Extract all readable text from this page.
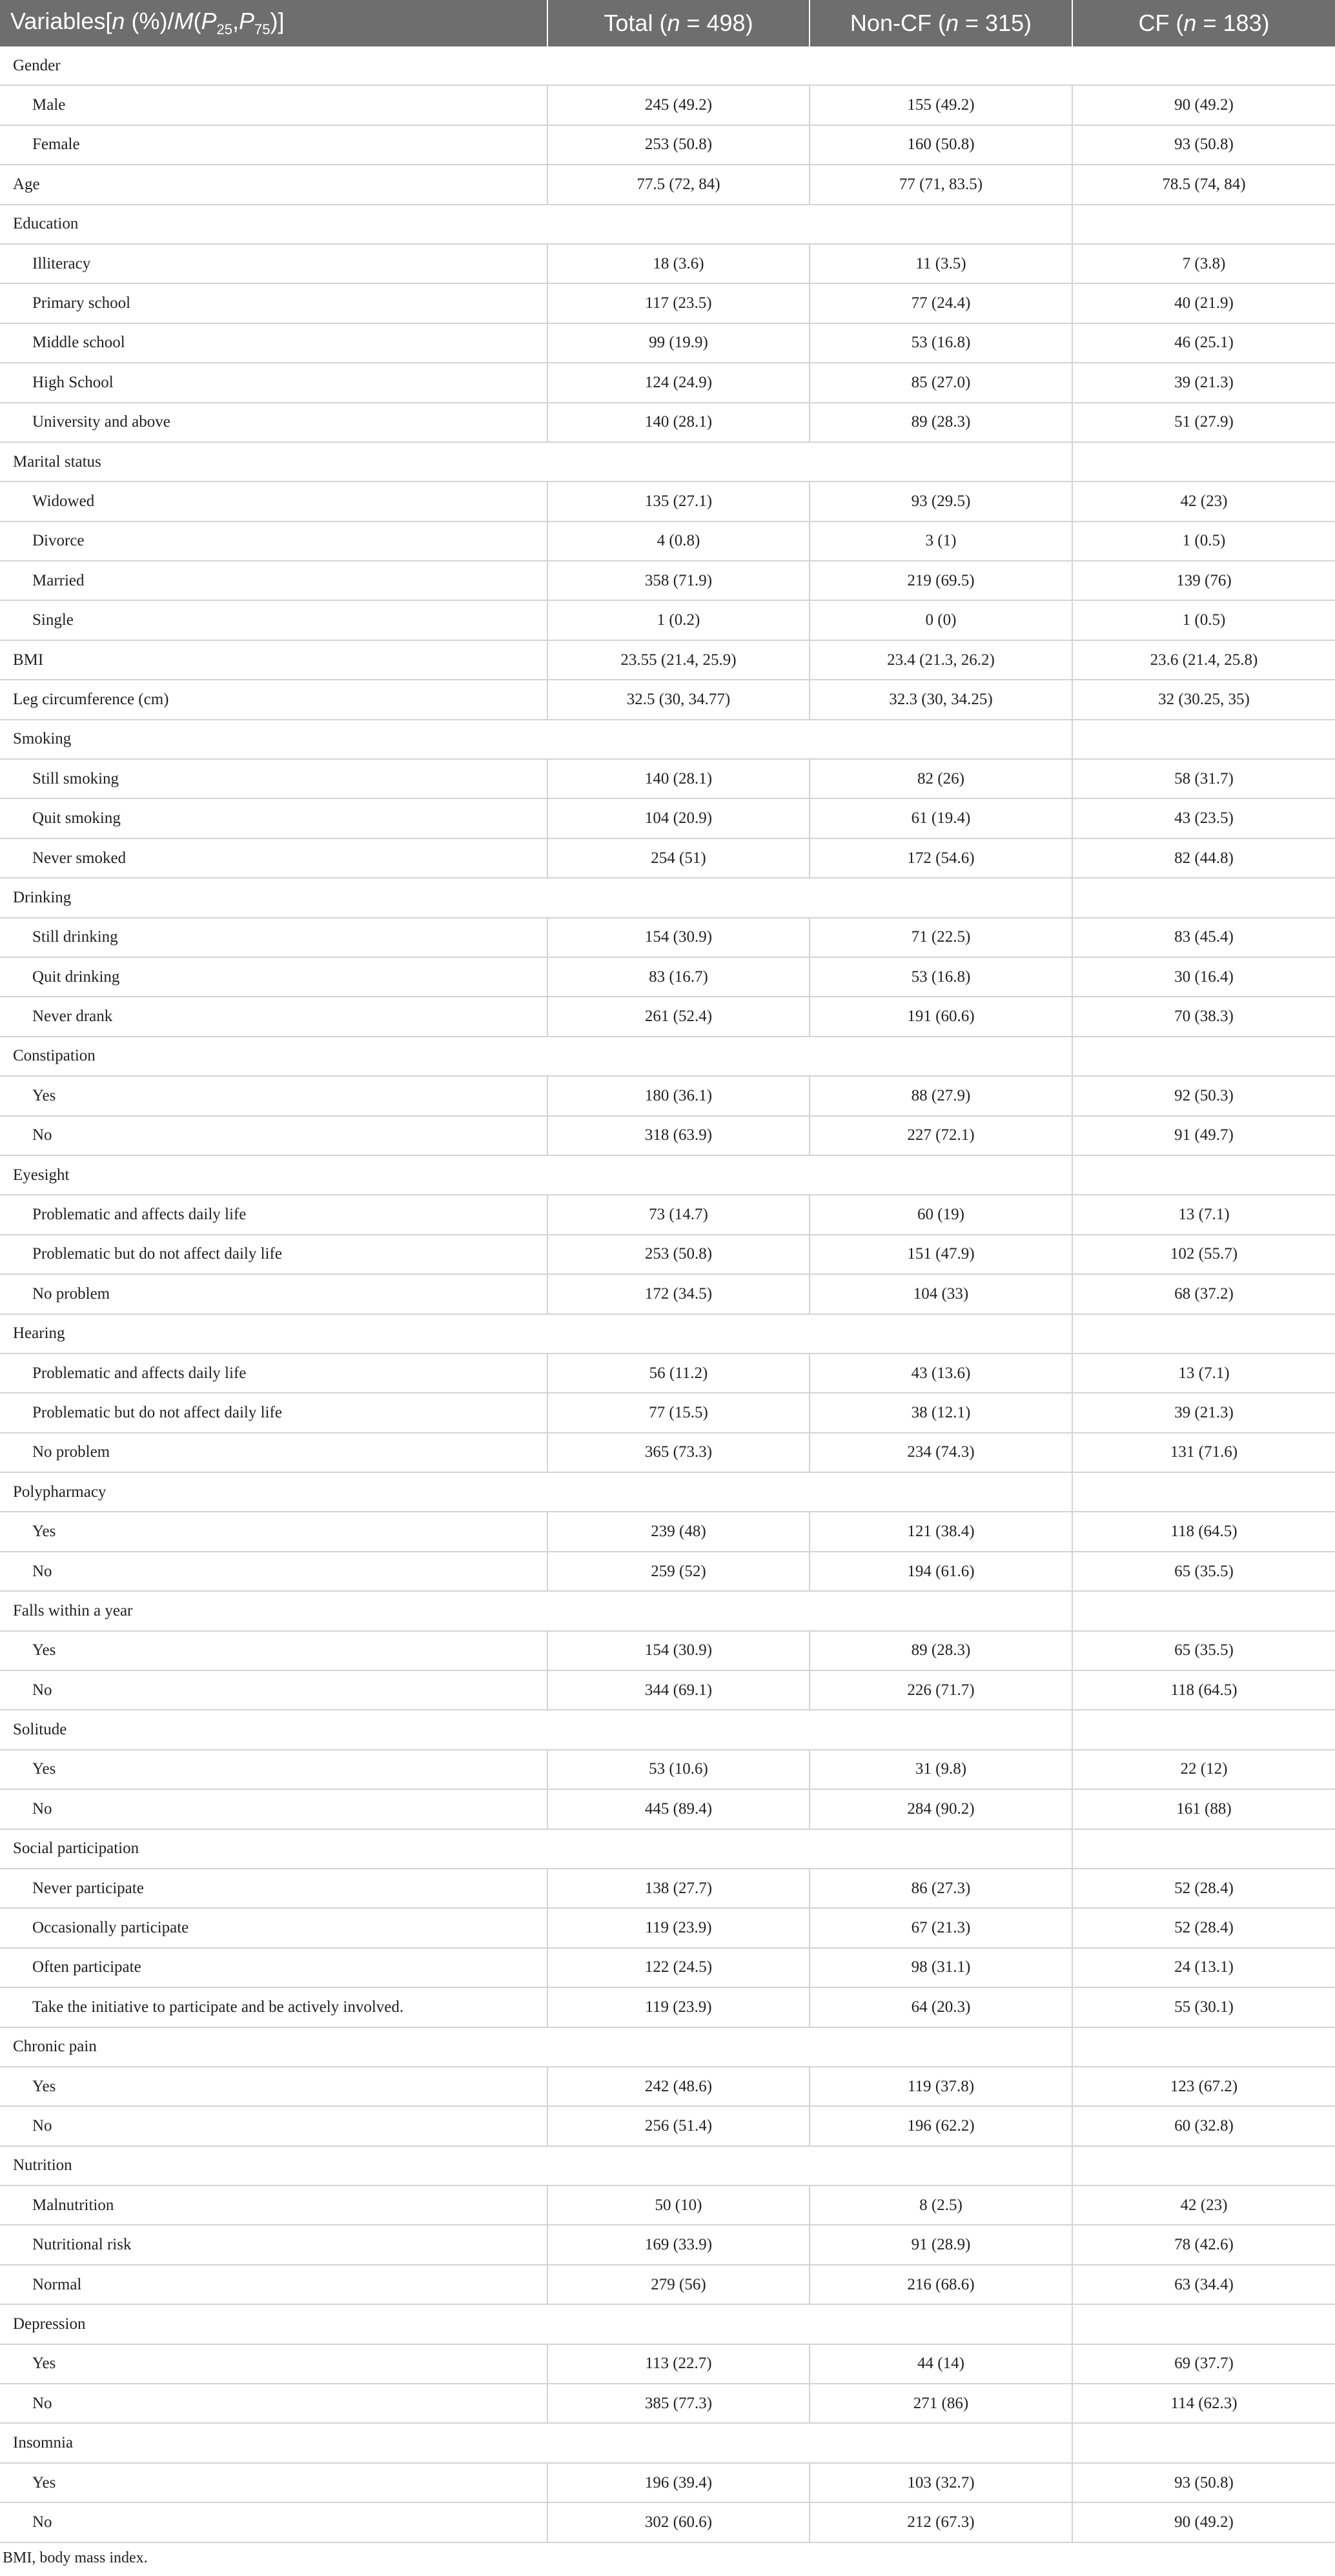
Variables[n $(\%)/M(P_{25},P_{75})$]	Total (n = 498)	Non-CF (n = 315)	CF (n = 183)
Gender			
Male	245 (49.2)	155 (49.2)	90 (49.2)
Female	253 (50.8)	160 (50.8)	93 (50.8)
Age	77.5 (72, 84)	77 (71, 83.5)	78.5 (74, 84)
Education			
Illiteracy	18 (3.6)	11 (3.5)	7 (3.8)
Primary school	117 (23.5)	77 (24.4)	40 (21.9)
Middle school	99 (19.9)	53 (16.8)	46 (25.1)
High School	124 (24.9)	85 (27.0)	39 (21.3)
University and above	140 (28.1)	89 (28.3)	51 (27.9)
Marital status			
Widowed	135 (27.1)	93 (29.5)	42 (23)
Divorce	4 (0.8)	3 (1)	1 (0.5)
Married	358 (71.9)	219 (69.5)	139 (76)
Single	1 (0.2)	0 (0)	1 (0.5)
BMI	23.55 (21.4, 25.9)	23.4 (21.3, 26.2)	23.6 (21.4, 25.8)
Leg circumference (cm)	32.5 (30, 34.77)	32.3 (30, 34.25)	32 (30.25, 35)
Smoking			
Still smoking	140 (28.1)	82 (26)	58 (31.7)
Quit smoking	104 (20.9)	61 (19.4)	43 (23.5)
Never smoked	254 (51)	172 (54.6)	82 (44.8)
Drinking			
Still drinking	154 (30.9)	71 (22.5)	83 (45.4)
Quit drinking	83 (16.7)	53 (16.8)	30 (16.4)
Never drank	261 (52.4)	191 (60.6)	70 (38.3)
Constipation			
Yes	180 (36.1)	88 (27.9)	92 (50.3)
No	318 (63.9)	227 (72.1)	91 (49.7)
Eyesight			
Problematic and affects daily life	73 (14.7)	60 (19)	13 (7.1)
Problematic but do not affect daily life	253 (50.8)	151 (47.9)	102 (55.7)
No problem	172 (34.5)	104 (33)	68 (37.2)
Hearing			
Problematic and affects daily life	56 (11.2)	43 (13.6)	13 (7.1)
Problematic but do not affect daily life	77 (15.5)	38 (12.1)	39 (21.3)
No problem	365 (73.3)	234 (74.3)	131 (71.6)
Polypharmacy			
Yes	239 (48)	121 (38.4)	118 (64.5)
No	259 (52)	194 (61.6)	65 (35.5)
Falls within a year			
Yes	154 (30.9)	89 (28.3)	65 (35.5)
No	344 (69.1)	226 (71.7)	118 (64.5)
Solitude			
Yes	53 (10.6)	31 (9.8)	22 (12)
No	445 (89.4)	284 (90.2)	161 (88)
Social participation			
Never participate	138 (27.7)	86 (27.3)	52 (28.4)
Occasionally participate	119 (23.9)	67 (21.3)	52 (28.4)
Often participate	122 (24.5)	98 (31.1)	24 (13.1)
Take the initiative to participate and be actively involved.	119 (23.9)	64 (20.3)	55 (30.1)
Chronic pain			
Yes	242 (48.6)	119 (37.8)	123 (67.2)
No	256 (51.4)	196 (62.2)	60 (32.8)
Nutrition			
Malnutrition	50 (10)	8 (2.5)	42 (23)
Nutritional risk	169 (33.9)	91 (28.9)	78 (42.6)
Normal	279 (56)	216 (68.6)	63 (34.4)
Depression			
Yes	113 (22.7)	44 (14)	69 (37.7)
No	385 (77.3)	271 (86)	114 (62.3)
Insomnia			
Yes	196 (39.4)	103 (32.7)	93 (50.8)
No	302 (60.6)	212 (67.3)	90 (49.2)
BMI, body mass index.
